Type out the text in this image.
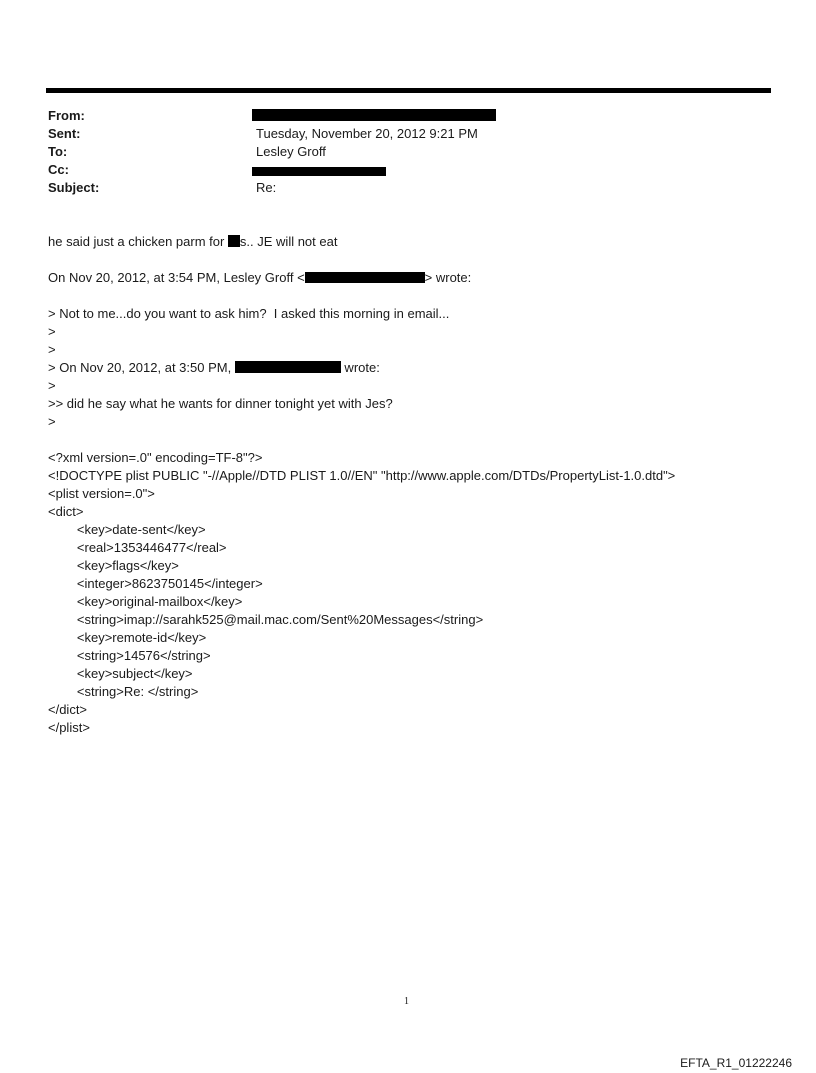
From:
Sent:	Tuesday, November 20, 2012 9:21 PM
To:	Lesley Groff
Cc:
Subject:	Re:
he said just a chicken parm for s.. JE will not eat
On Nov 20, 2012, at 3:54 PM, Lesley Groff <	> wrote:
> Not to me...do you want to ask him?  I asked this morning in email...
>
>
> On Nov 20, 2012, at 3:50 PM,	wrote:
>
>> did he say what he wants for dinner tonight yet with Jes?
>
<?xml version=.0" encoding=TF-8"?>
<!DOCTYPE plist PUBLIC "-//Apple//DTD PLIST 1.0//EN" "http://www.apple.com/DTDs/PropertyList-1.0.dtd">
<plist version=.0">
<dict>
<key>date-sent</key>
<real>1353446477</real>
<key>flags</key>
<integer>8623750145</integer>
<key>original-mailbox</key>
<string>imap://sarahk525@mail.mac.com/Sent%20Messages</string>
<key>remote-id</key>
<string>14576</string>
<key>subject</key>
<string>Re: </string>
</dict>
</plist>
1
EFTA_R1_01222246
